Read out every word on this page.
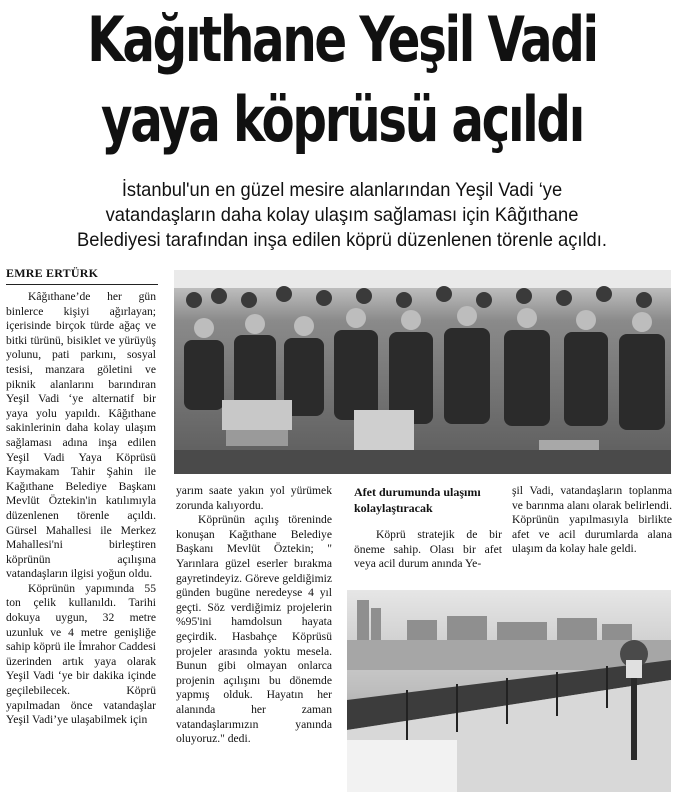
Kağıthane Yeşil Vadi
yaya köprüsü açıldı
İstanbul'un en güzel mesire alanlarından Yeşil Vadi ‘ye
vatandaşların daha kolay ulaşım sağlaması için Kâğıthane
Belediyesi tarafından inşa edilen köprü düzenlenen törenle açıldı.
EMRE ERTÜRK

Kâğıthane’de her gün binlerce kişiyi ağırlayan; içerisinde birçok türde ağaç ve bitki türünü, bisiklet ve yürüyüş yolunu, pati parkını, sosyal tesisi, manzara göletini ve piknik alanlarını barındıran Yeşil Vadi ‘ye alternatif bir yaya yolu yapıldı. Kâğıthane sakinlerinin daha kolay ulaşım sağlaması adına inşa edilen Yeşil Vadi Yaya Köprüsü Kaymakam Tahir Şahin ile Kağıthane Belediye Başkanı Mevlüt Öztekin'in katılımıyla düzenlenen törenle açıldı. Gürsel Mahallesi ile Merkez Mahallesi'ni birleştiren köprünün açılışına vatandaşların ilgisi yoğun oldu.

Köprünün yapımında 55 ton çelik kullanıldı. Tarihi dokuya uygun, 32 metre uzunluk ve 4 metre genişliğe sahip köprü ile İmrahor Caddesi üzerinden artık yaya olarak Yeşil Vadi ‘ye bir dakika içinde geçilebilecek. Köprü yapılmadan önce vatandaşlar Yeşil Vadi’ye ulaşabilmek için

yarım saate yakın yol yürümek zorunda kalıyordu.

Köprünün açılış töreninde konuşan Kağıthane Belediye Başkanı Mevlüt Öztekin; " Yarınlara güzel eserler bırakma gayretindeyiz. Göreve geldiğimiz günden bugüne neredeyse 4 yıl geçti. Söz verdiğimiz projelerin %95'ini hamdolsun hayata geçirdik. Hasbahçe Köprüsü projeler arasında yoktu mesela. Bunun gibi olmayan onlarca projenin açılışını bu dönemde yapmış olduk. Hayatın her alanında her zaman vatandaşlarımızın yanında oluyoruz." dedi.

Afet durumunda ulaşımı kolaylaştıracak

Köprü stratejik de bir öneme sahip. Olası bir afet veya acil durum anında Ye-

şil Vadi, vatandaşların toplanma ve barınma alanı olarak belirlendi. Köprünün yapılmasıyla birlikte afet ve acil durumlarda alana ulaşım da kolay hale geldi.
